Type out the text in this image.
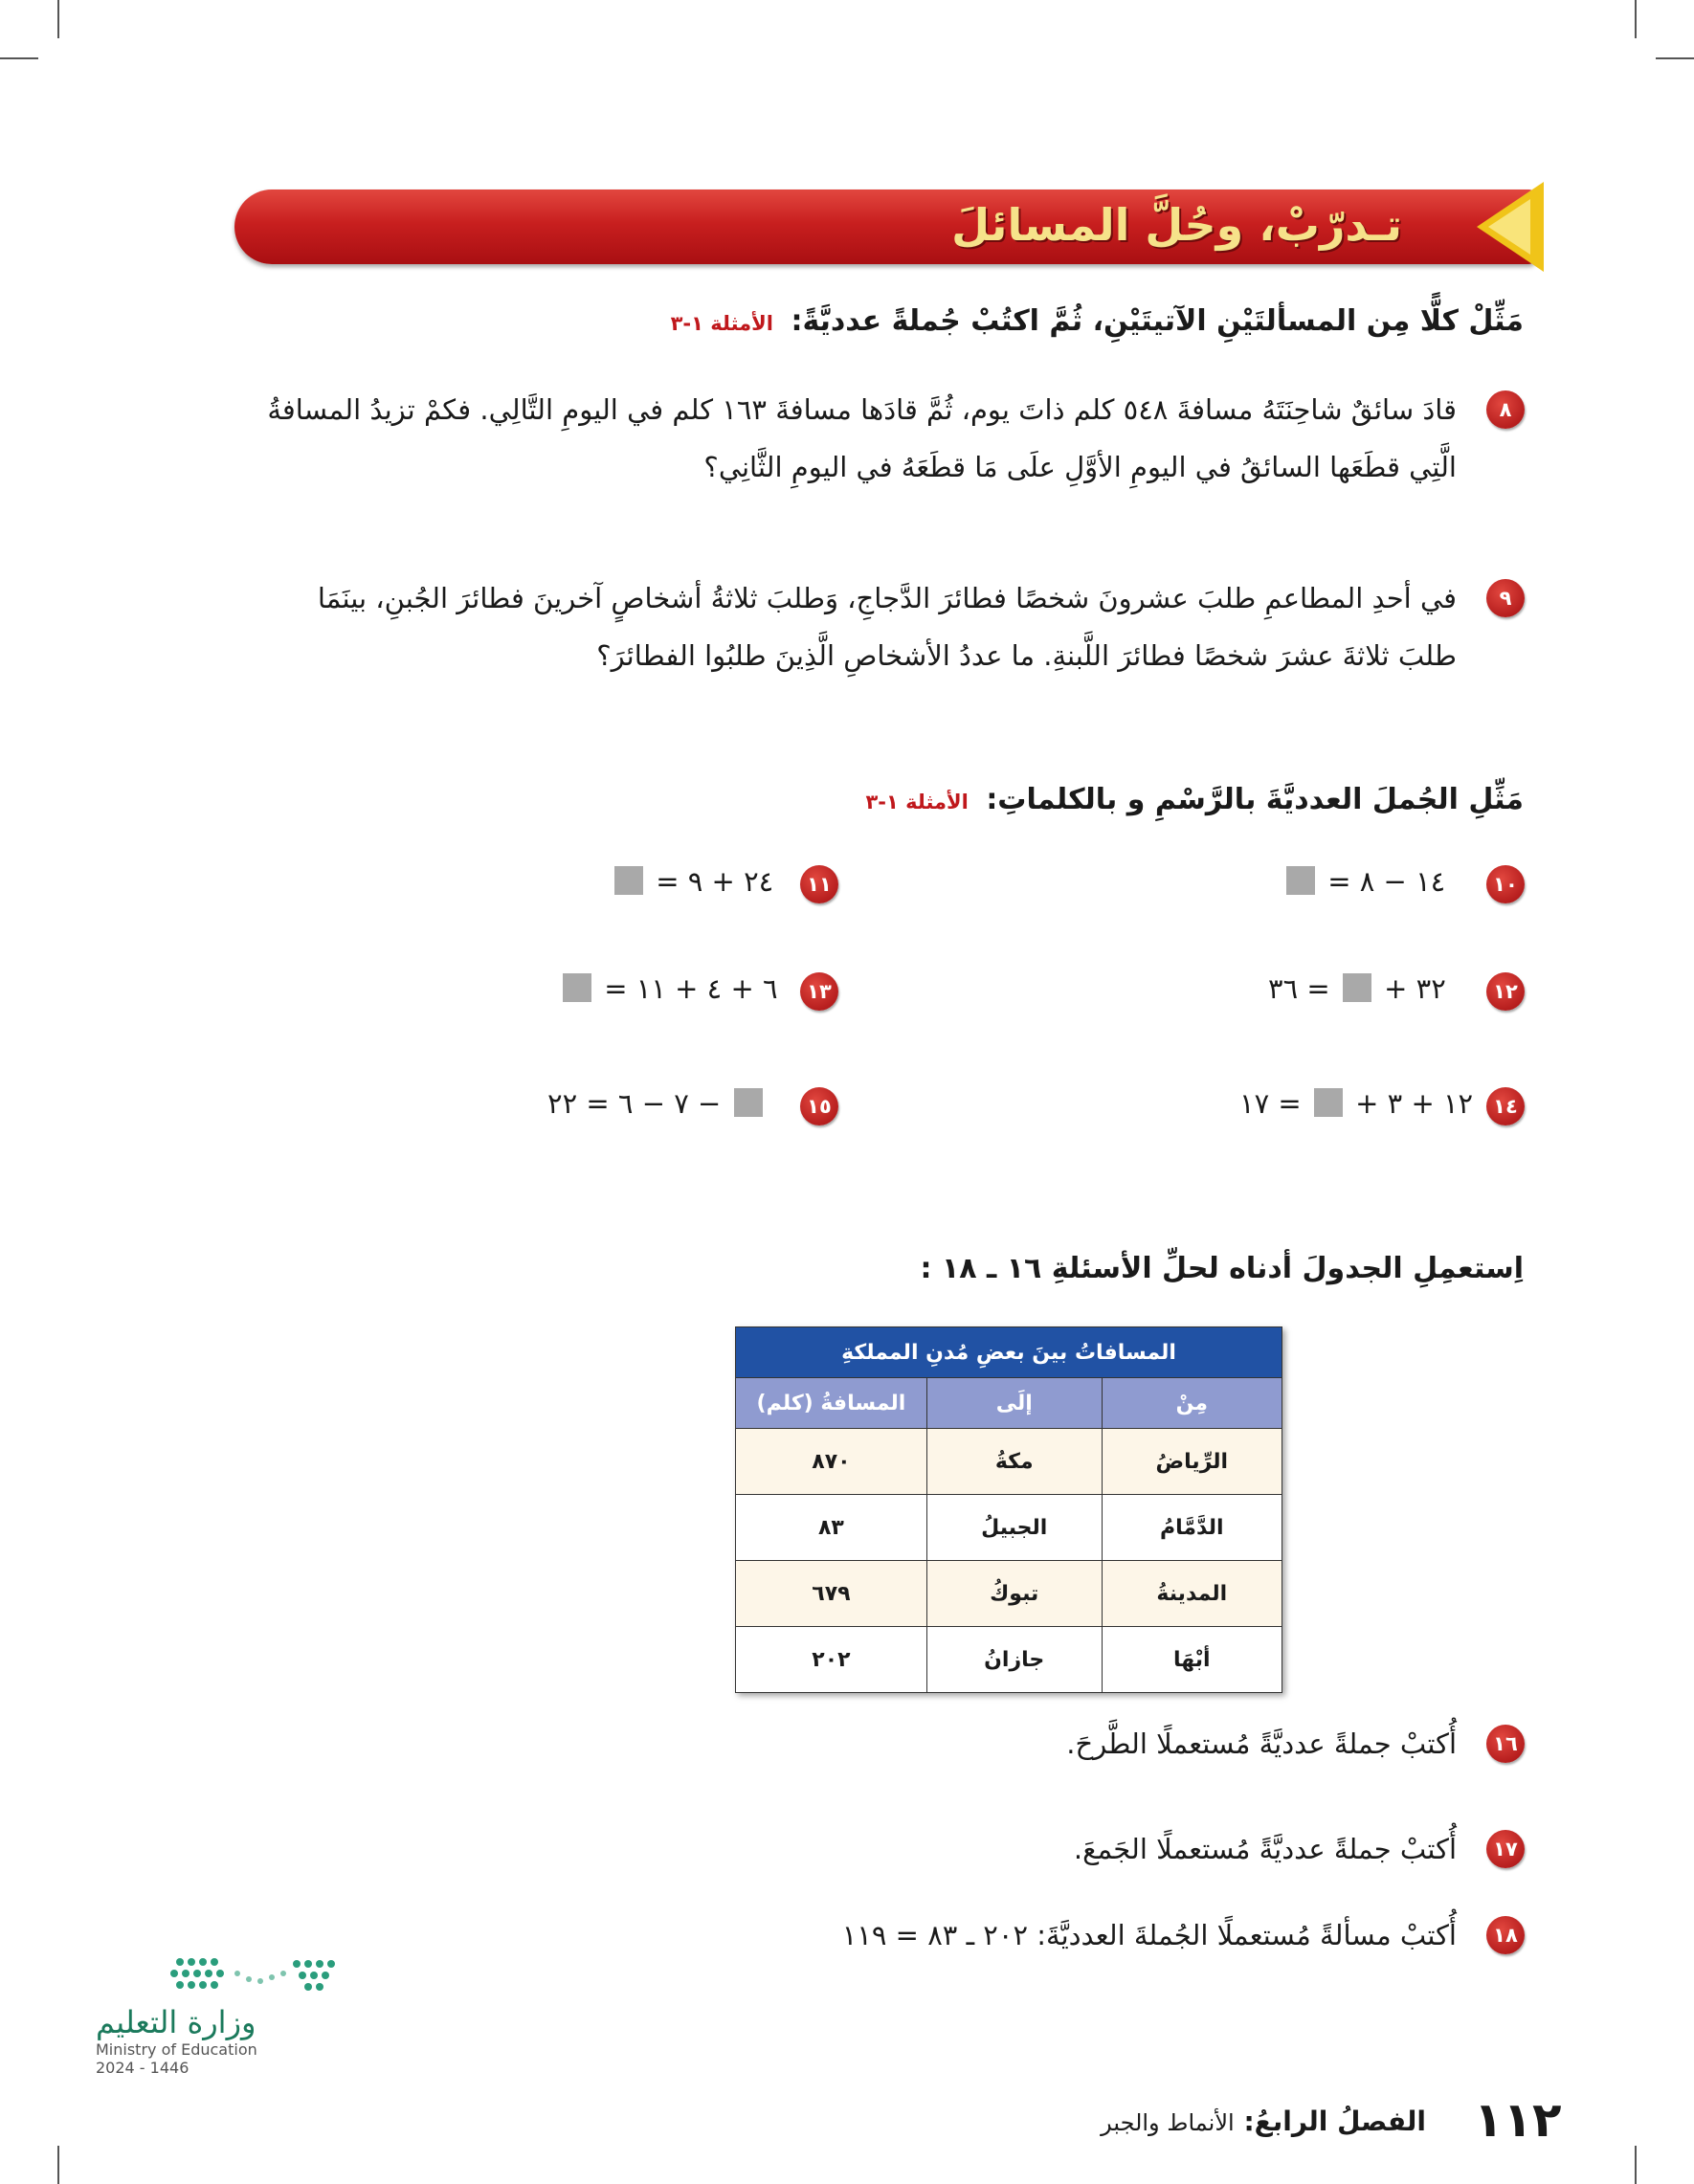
تـدرّبْ، وحُلَّ المسائلَ
مَثِّلْ كلًّا مِن المسألتَيْنِ الآتيتَيْنِ، ثُمَّ اكتُبْ جُملةً عدديَّةً: الأمثلة ١-٣
٨
قادَ سائقٌ شاحِنَتَهُ مسافةَ ٥٤٨ كلم ذاتَ يوم، ثُمَّ قادَها مسافةَ ١٦٣ كلم في اليومِ التَّالِي. فكمْ تزيدُ المسافةُ
الَّتِي قطَعَها السائقُ في اليومِ الأوَّلِ علَى مَا قطَعَهُ في اليومِ الثَّانِي؟
٩
في أحدِ المطاعمِ طلبَ عشرونَ شخصًا فطائرَ الدَّجاجِ، وَطلبَ ثلاثةُ أشخاصٍ آخرينَ فطائرَ الجُبنِ، بينَمَا
طلبَ ثلاثةَ عشرَ شخصًا فطائرَ اللَّبنةِ. ما عددُ الأشخاصِ الَّذِينَ طلبُوا الفطائرَ؟
مَثِّلِ الجُملَ العدديَّةَ بالرَّسْمِ و بالكلماتِ: الأمثلة ١-٣
١٠
١٤ − ٨ =
١١
٢٤ + ٩ =
١٢
= ٣٦ ٣٢ +
١٣
٦ + ٤ + ١١ =
١٤
= ١٧ ١٢ + ٣ +
١٥
− ٧ − ٦ = ٢٢
اِستعمِلِ الجدولَ أدناه لحلِّ الأسئلةِ ١٦ ـ ١٨ :
المسافاتُ بينَ بعضِ مُدنِ المملكةِ		
مِنْ	إلَى	المسافةُ (كلم)
الرِّياضُ	مكةُ	٨٧٠
الدَّمَّامُ	الجبيلُ	٨٣
المدينةُ	تبوكُ	٦٧٩
أبْهَا	جازانُ	٢٠٢
١٦
أُكتبْ جملةً عدديَّةً مُستعملًا الطَّرحَ.
١٧
أُكتبْ جملةً عدديَّةً مُستعملًا الجَمعَ.
١٨
أُكتبْ مسألةً مُستعملًا الجُملةَ العدديَّةَ: ٢٠٢ ـ ٨٣ = ١١٩
وزارة التعليم
Ministry of Education
2024 - 1446
الفصلُ الرابعُ: الأنماط والجبر	١١٢
